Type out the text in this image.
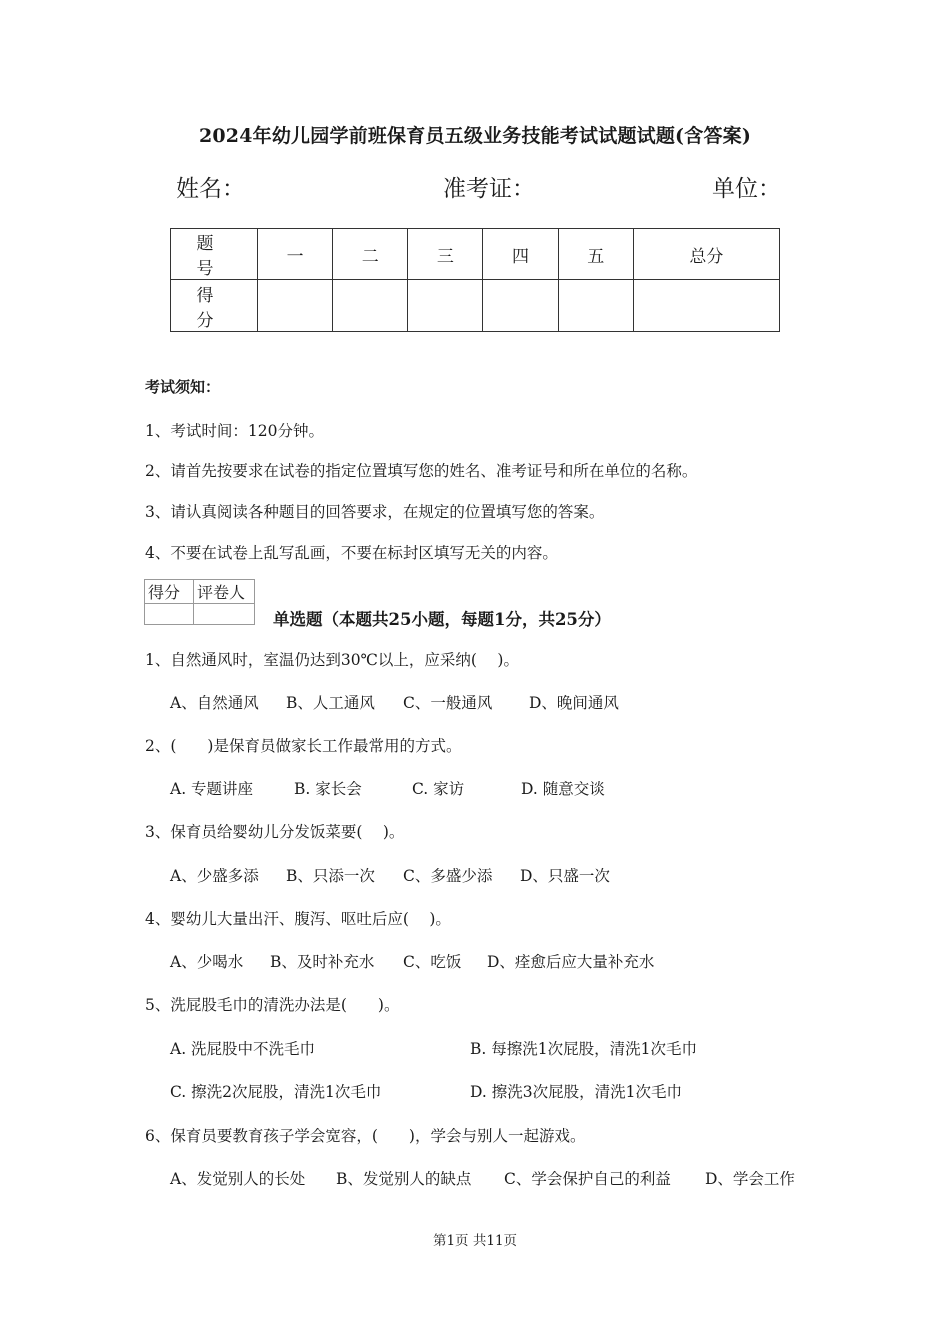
2024年幼儿园学前班保育员五级业务技能考试试题试题(含答案)
姓名：	准考证：	单位：
题 号	一	二	三	四	五	总分
得 分						
考试须知：
1、考试时间：120分钟。
2、请首先按要求在试卷的指定位置填写您的姓名、准考证号和所在单位的名称。
3、请认真阅读各种题目的回答要求，在规定的位置填写您的答案。
4、不要在试卷上乱写乱画，不要在标封区填写无关的内容。
得分	评卷人

单选题（本题共25小题，每题1分，共25分）
1、自然通风时，室温仍达到30℃以上，应采纳(　 )。
A、自然通风 B、人工通风 C、一般通风 D、晚间通风
2、(　　)是保育员做家长工作最常用的方式。
A. 专题讲座	B. 家长会	C. 家访	D. 随意交谈
3、保育员给婴幼儿分发饭菜要(　 )。
A、少盛多添 B、只添一次 C、多盛少添 D、只盛一次
4、婴幼儿大量出汗、腹泻、呕吐后应(　 )。
A、少喝水 B、及时补充水 C、吃饭 D、痊愈后应大量补充水
5、洗屁股毛巾的清洗办法是(　　)。
A. 洗屁股中不洗毛巾	B. 每擦洗1次屁股，清洗1次毛巾
C. 擦洗2次屁股，清洗1次毛巾	D. 擦洗3次屁股，清洗1次毛巾
6、保育员要教育孩子学会宽容，(　　)，学会与别人一起游戏。
A、发觉别人的长处 B、发觉别人的缺点 C、学会保护自己的利益 D、学会工作
第1页 共11页
